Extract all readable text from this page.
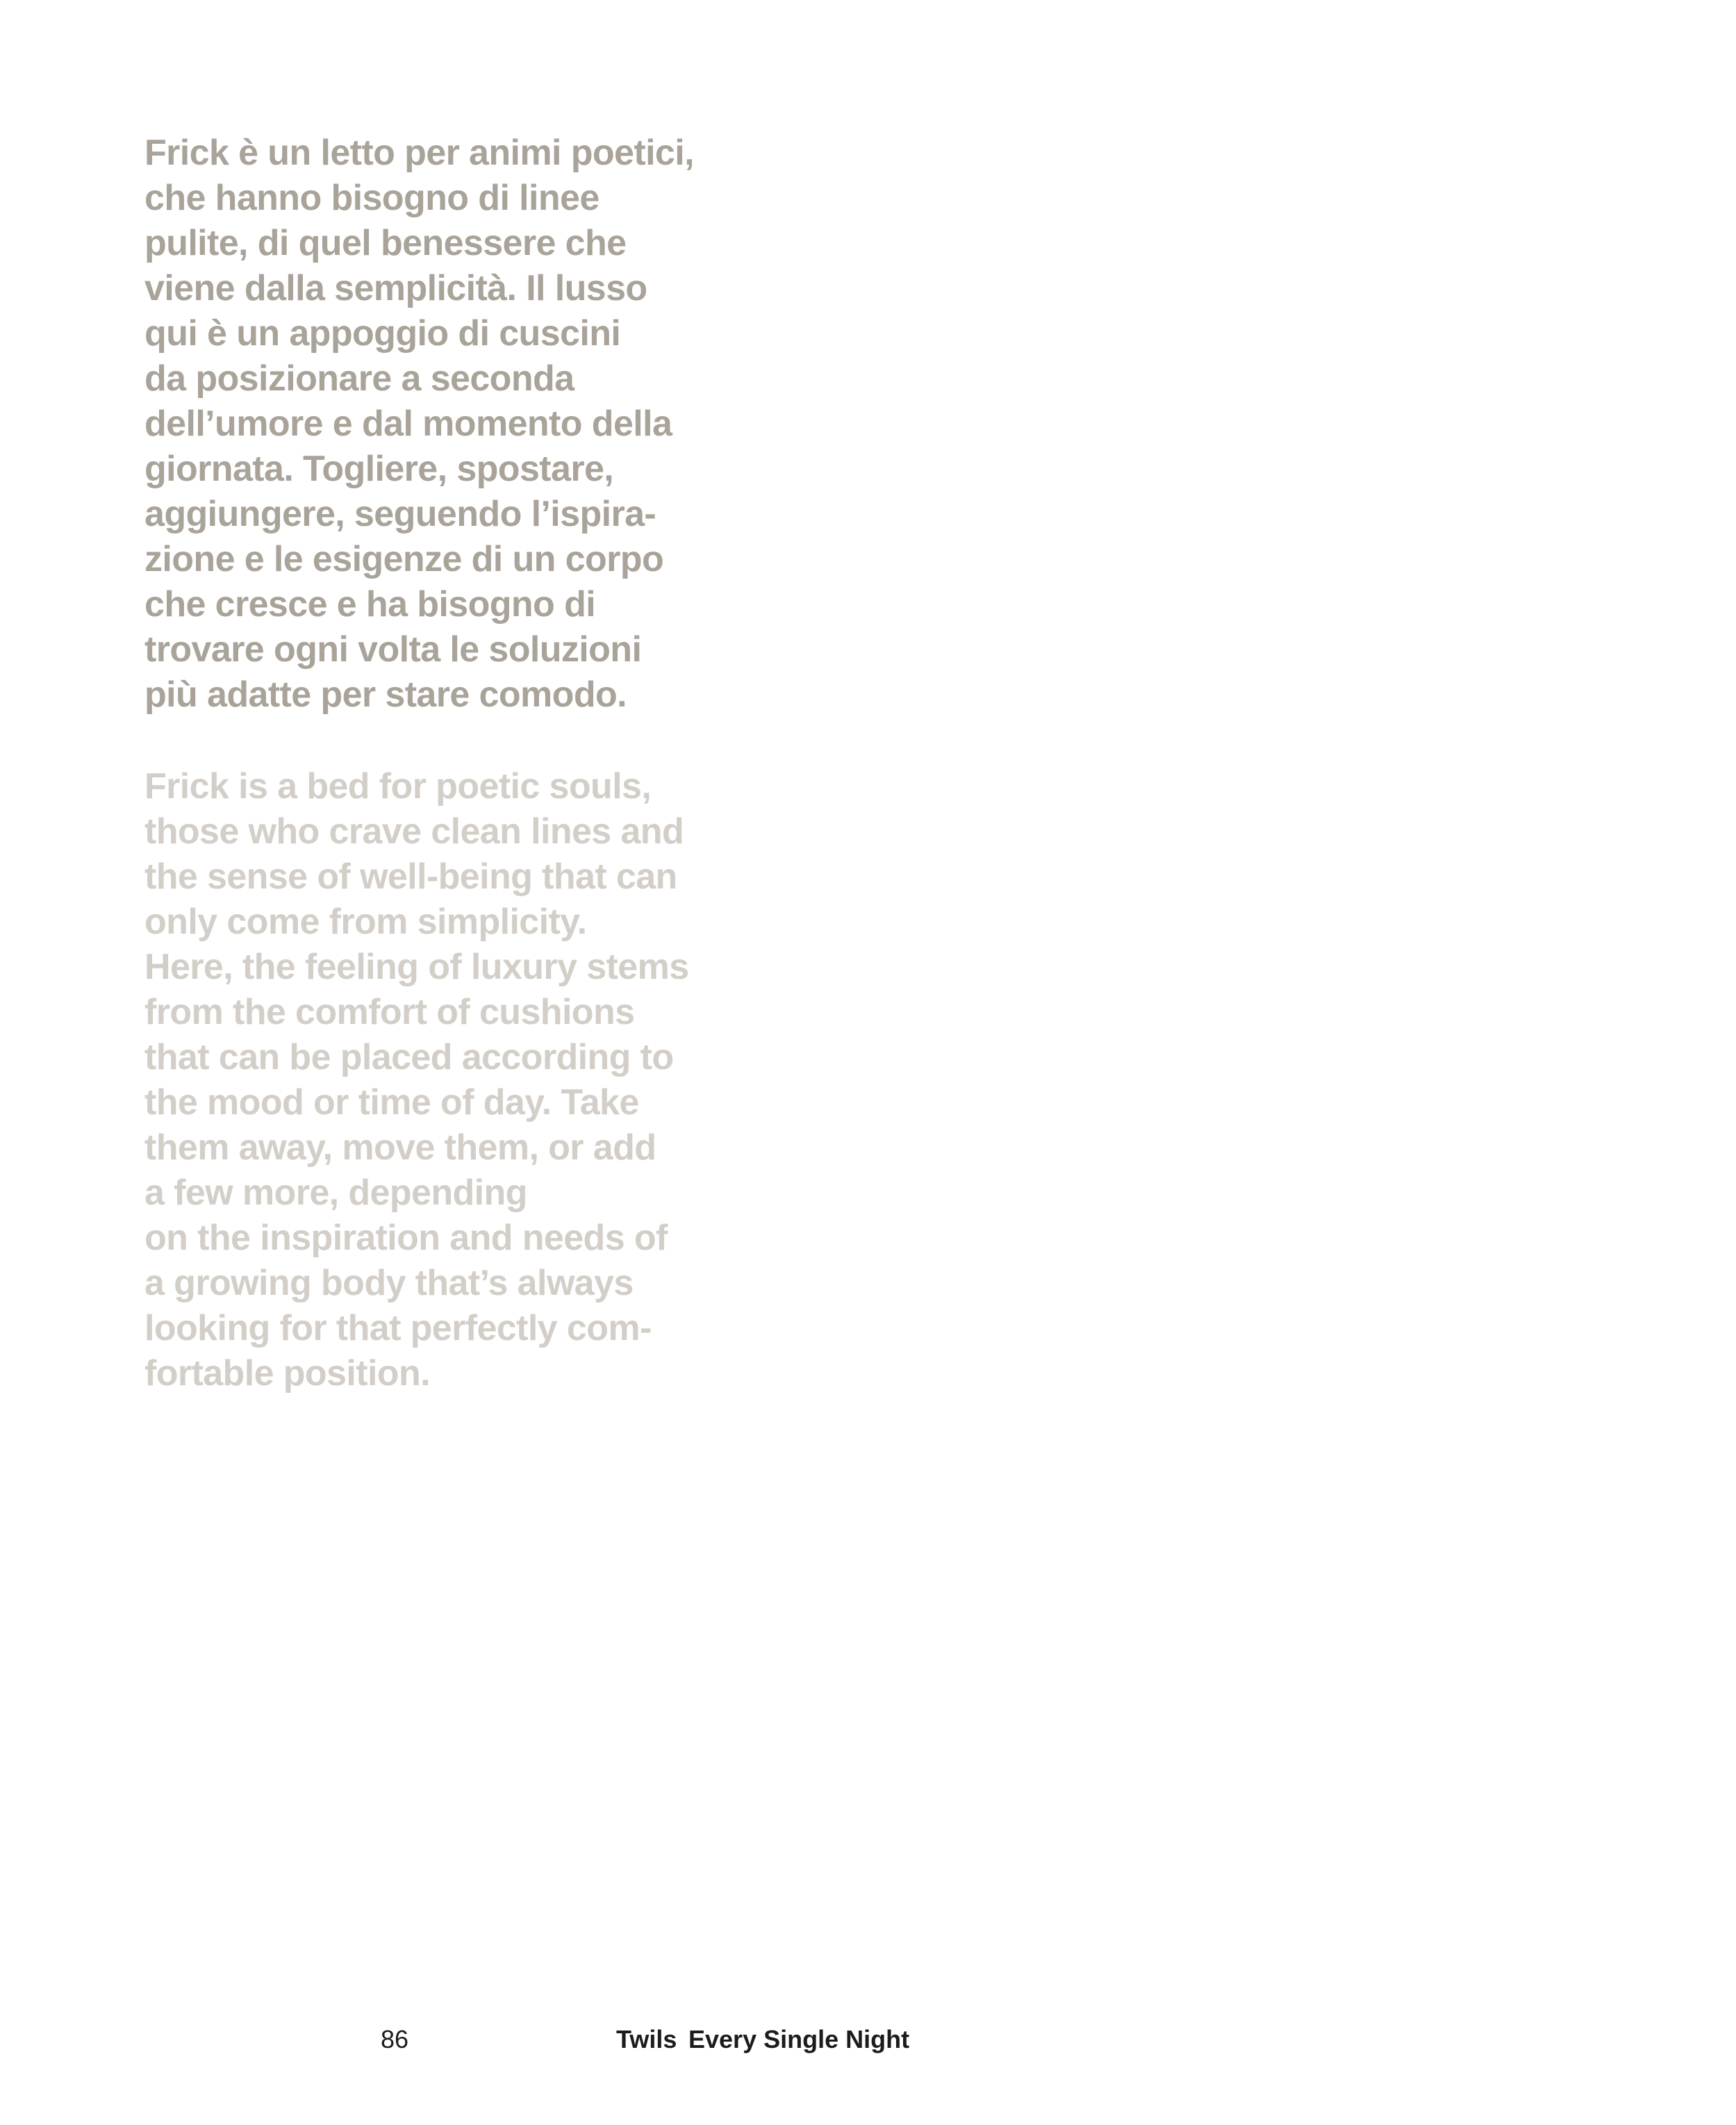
Frick è un letto per animi poetici,
che hanno bisogno di linee
pulite, di quel benessere che
viene dalla semplicità. Il lusso
qui è un appoggio di cuscini
da posizionare a seconda
dell’umore e dal momento della
giornata. Togliere, spostare,
aggiungere, seguendo l’ispira-
zione e le esigenze di un corpo
che cresce e ha bisogno di
trovare ogni volta le soluzioni
più adatte per stare comodo.
Frick is a bed for poetic souls,
those who crave clean lines and
the sense of well-being that can
only come from simplicity.
Here, the feeling of luxury stems
from the comfort of cushions
that can be placed according to
the mood or time of day. Take
them away, move them, or add
a few more, depending
on the inspiration and needs of
a growing body that’s always
looking for that perfectly com-
fortable position.
86	Twils Every Single Night
